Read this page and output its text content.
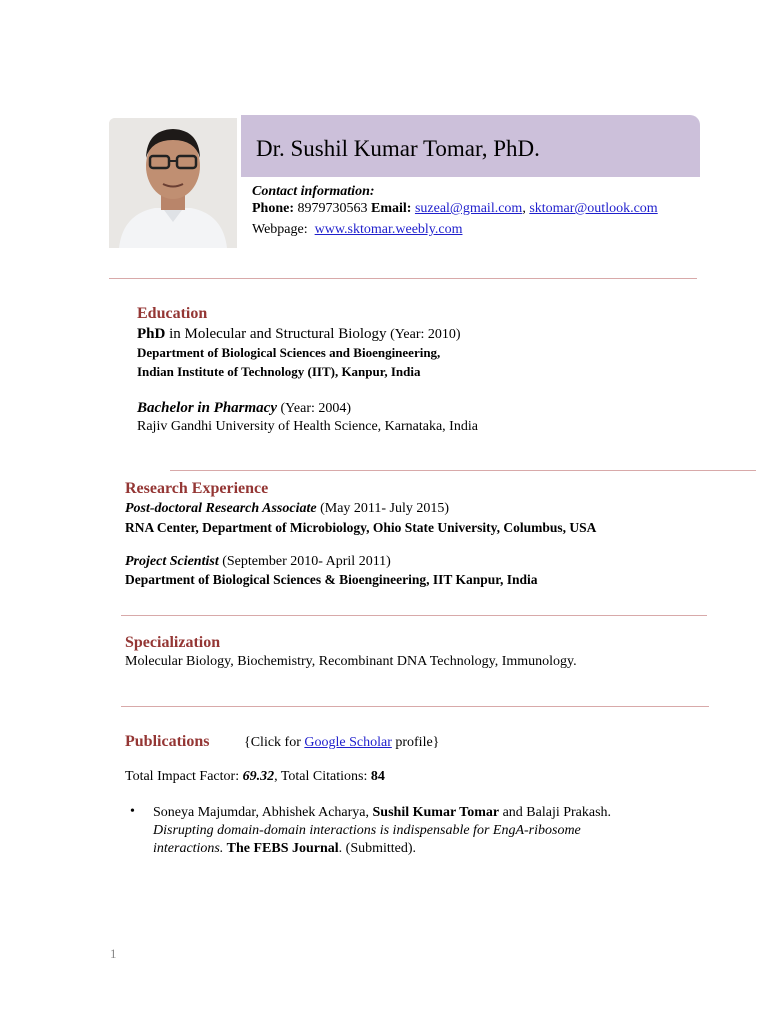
Dr. Sushil Kumar Tomar, PhD.
Contact information:
Phone: 8979730563 Email: suzeal@gmail.com, sktomar@outlook.com
Webpage: www.sktomar.weebly.com
Education
PhD in Molecular and Structural Biology (Year: 2010)
Department of Biological Sciences and Bioengineering,
Indian Institute of Technology (IIT), Kanpur, India
Bachelor in Pharmacy (Year: 2004)
Rajiv Gandhi University of Health Science, Karnataka, India
Research Experience
Post-doctoral Research Associate (May 2011- July 2015)
RNA Center, Department of Microbiology, Ohio State University, Columbus, USA
Project Scientist (September 2010- April 2011)
Department of Biological Sciences & Bioengineering, IIT Kanpur, India
Specialization
Molecular Biology, Biochemistry, Recombinant DNA Technology, Immunology.
Publications {Click for Google Scholar profile}
Total Impact Factor: 69.32, Total Citations: 84
• Soneya Majumdar, Abhishek Acharya, Sushil Kumar Tomar and Balaji Prakash.
Disrupting domain-domain interactions is indispensable for EngA-ribosome
interactions. The FEBS Journal. (Submitted).
1
